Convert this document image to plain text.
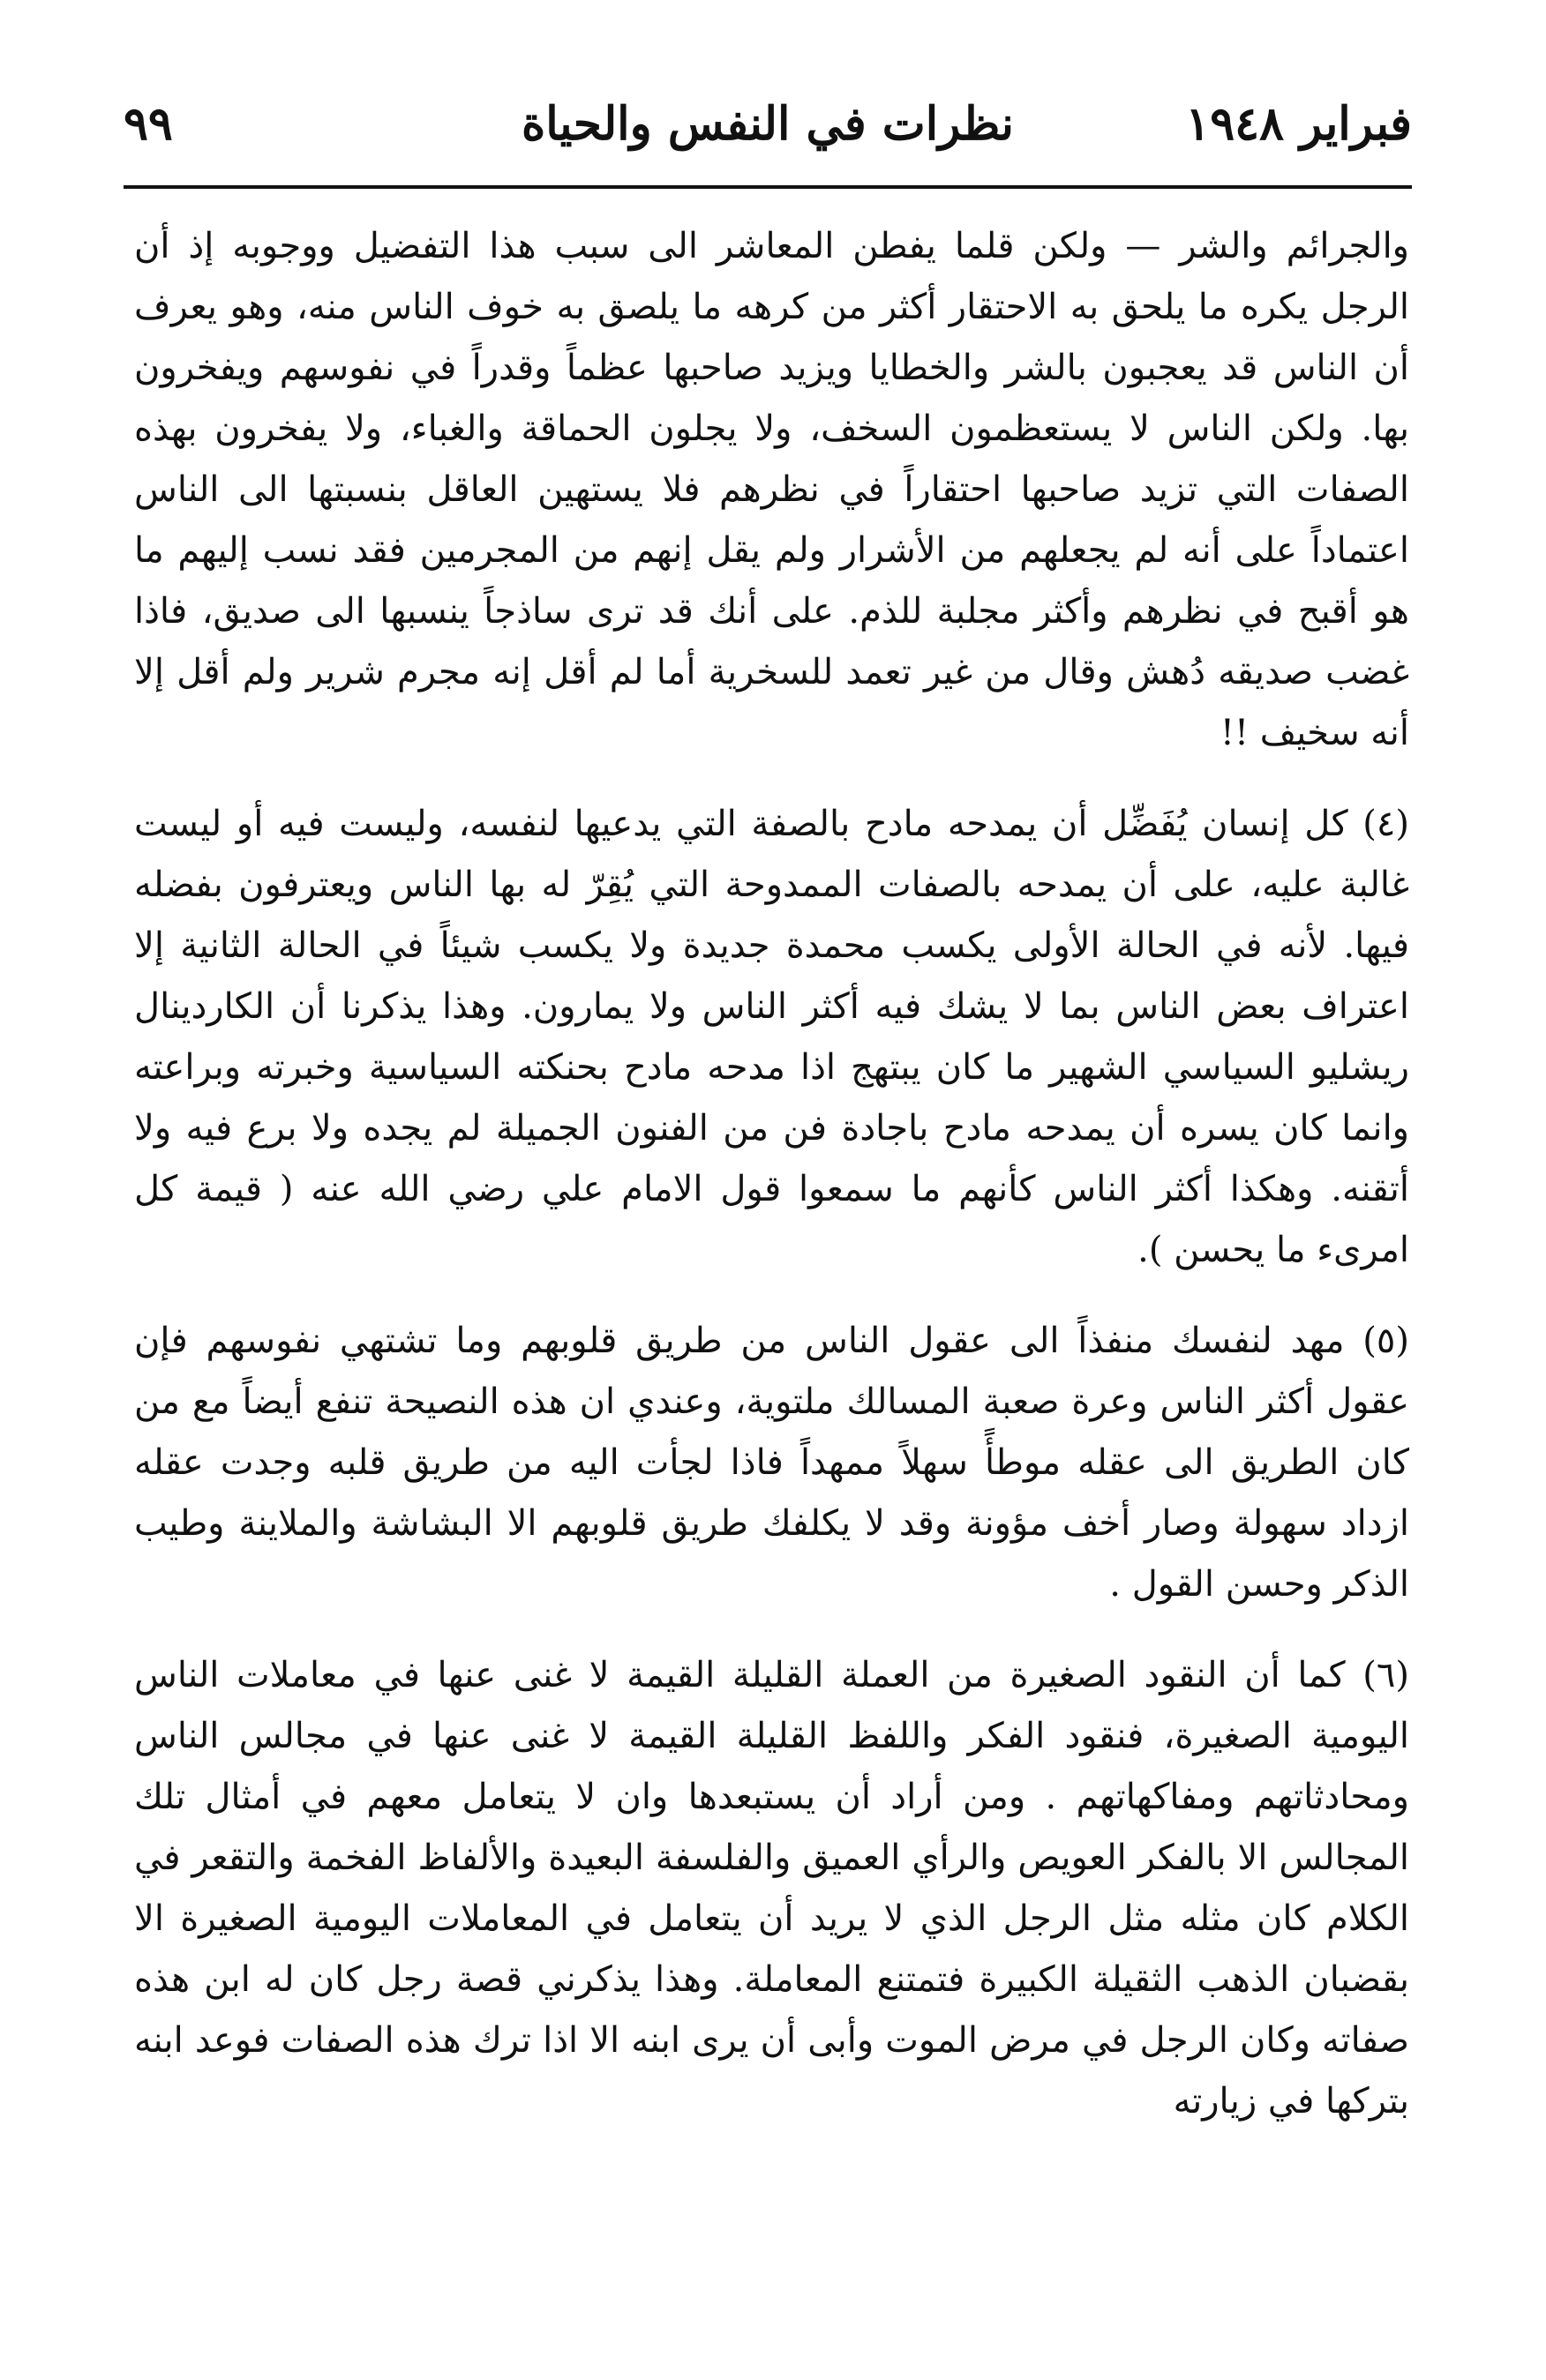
فبراير ١٩٤٨
نظرات في النفس والحياة
٩٩

والجرائم والشر — ولكن قلما يفطن المعاشر الى سبب هذا التفضيل ووجوبه إذ أن الرجل يكره ما يلحق به الاحتقار أكثر من كرهه ما يلصق به خوف الناس منه، وهو يعرف أن الناس قد يعجبون بالشر والخطايا ويزيد صاحبها عظماً وقدراً في نفوسهم ويفخرون بها. ولكن الناس لا يستعظمون السخف، ولا يجلون الحماقة والغباء، ولا يفخرون بهذه الصفات التي تزيد صاحبها احتقاراً في نظرهم فلا يستهين العاقل بنسبتها الى الناس اعتماداً على أنه لم يجعلهم من الأشرار ولم يقل إنهم من المجرمين فقد نسب إليهم ما هو أقبح في نظرهم وأكثر مجلبة للذم. على أنك قد ترى ساذجاً ينسبها الى صديق، فاذا غضب صديقه دُهش وقال من غير تعمد للسخرية أما لم أقل إنه مجرم شرير ولم أقل إلا أنه سخيف !!

(٤) كل إنسان يُفَضِّل أن يمدحه مادح بالصفة التي يدعيها لنفسه، وليست فيه أو ليست غالبة عليه، على أن يمدحه بالصفات الممدوحة التي يُقِرّ له بها الناس ويعترفون بفضله فيها. لأنه في الحالة الأولى يكسب محمدة جديدة ولا يكسب شيئاً في الحالة الثانية إلا اعتراف بعض الناس بما لا يشك فيه أكثر الناس ولا يمارون. وهذا يذكرنا أن الكاردينال ريشليو السياسي الشهير ما كان يبتهج اذا مدحه مادح بحنكته السياسية وخبرته وبراعته وانما كان يسره أن يمدحه مادح باجادة فن من الفنون الجميلة لم يجده ولا برع فيه ولا أتقنه. وهكذا أكثر الناس كأنهم ما سمعوا قول الامام علي رضي الله عنه ( قيمة كل امرىء ما يحسن ).

(٥) مهد لنفسك منفذاً الى عقول الناس من طريق قلوبهم وما تشتهي نفوسهم فإن عقول أكثر الناس وعرة صعبة المسالك ملتوية، وعندي ان هذه النصيحة تنفع أيضاً مع من كان الطريق الى عقله موطأً سهلاً ممهداً فاذا لجأت اليه من طريق قلبه وجدت عقله ازداد سهولة وصار أخف مؤونة وقد لا يكلفك طريق قلوبهم الا البشاشة والملاينة وطيب الذكر وحسن القول .

(٦) كما أن النقود الصغيرة من العملة القليلة القيمة لا غنى عنها في معاملات الناس اليومية الصغيرة، فنقود الفكر واللفظ القليلة القيمة لا غنى عنها في مجالس الناس ومحادثاتهم ومفاكهاتهم . ومن أراد أن يستبعدها وان لا يتعامل معهم في أمثال تلك المجالس الا بالفكر العويص والرأي العميق والفلسفة البعيدة والألفاظ الفخمة والتقعر في الكلام كان مثله مثل الرجل الذي لا يريد أن يتعامل في المعاملات اليومية الصغيرة الا بقضبان الذهب الثقيلة الكبيرة فتمتنع المعاملة. وهذا يذكرني قصة رجل كان له ابن هذه صفاته وكان الرجل في مرض الموت وأبى أن يرى ابنه الا اذا ترك هذه الصفات فوعد ابنه بتركها في زيارته
